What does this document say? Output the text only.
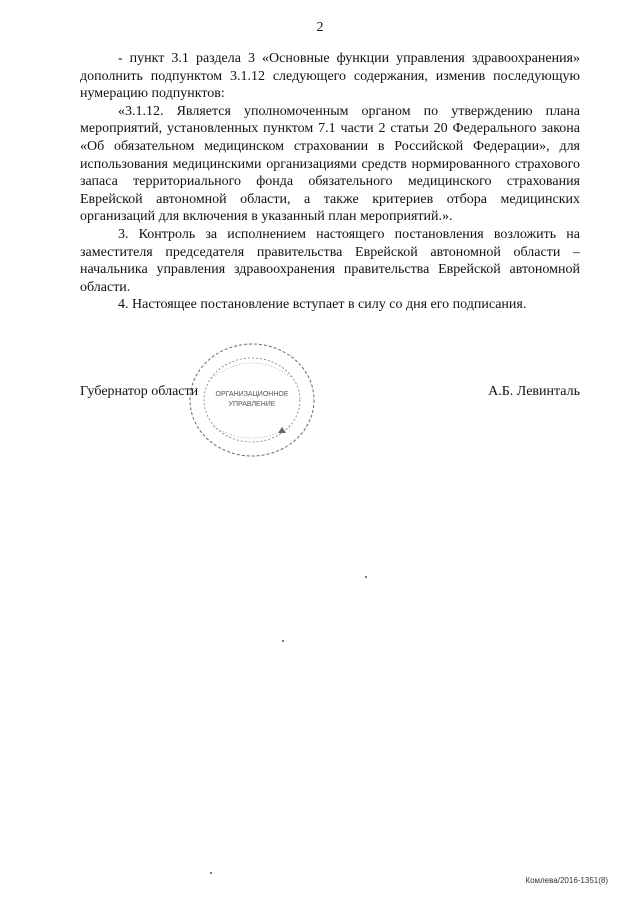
2

- пункт 3.1 раздела 3 «Основные функции управления здравоохранения» дополнить подпунктом 3.1.12 следующего содержания, изменив последующую нумерацию подпунктов:

«3.1.12. Является уполномоченным органом по утверждению плана мероприятий, установленных пунктом 7.1 части 2 статьи 20 Федерального закона «Об обязательном медицинском страховании в Российской Федерации», для использования медицинскими организациями средств нормированного страхового запаса территориального фонда обязательного медицинского страхования Еврейской автономной области, а также критериев отбора медицинских организаций для включения в указанный план мероприятий.».

3. Контроль за исполнением настоящего постановления возложить на заместителя председателя правительства Еврейской автономной области – начальника управления здравоохранения правительства Еврейской автономной области.

4. Настоящее постановление вступает в силу со дня его подписания.

ОРГАНИЗАЦИОННОЕ
УПРАВЛЕНИЕ
Губернатор области	А.Б. Левинталь
Комлева/2016-1351(8)
